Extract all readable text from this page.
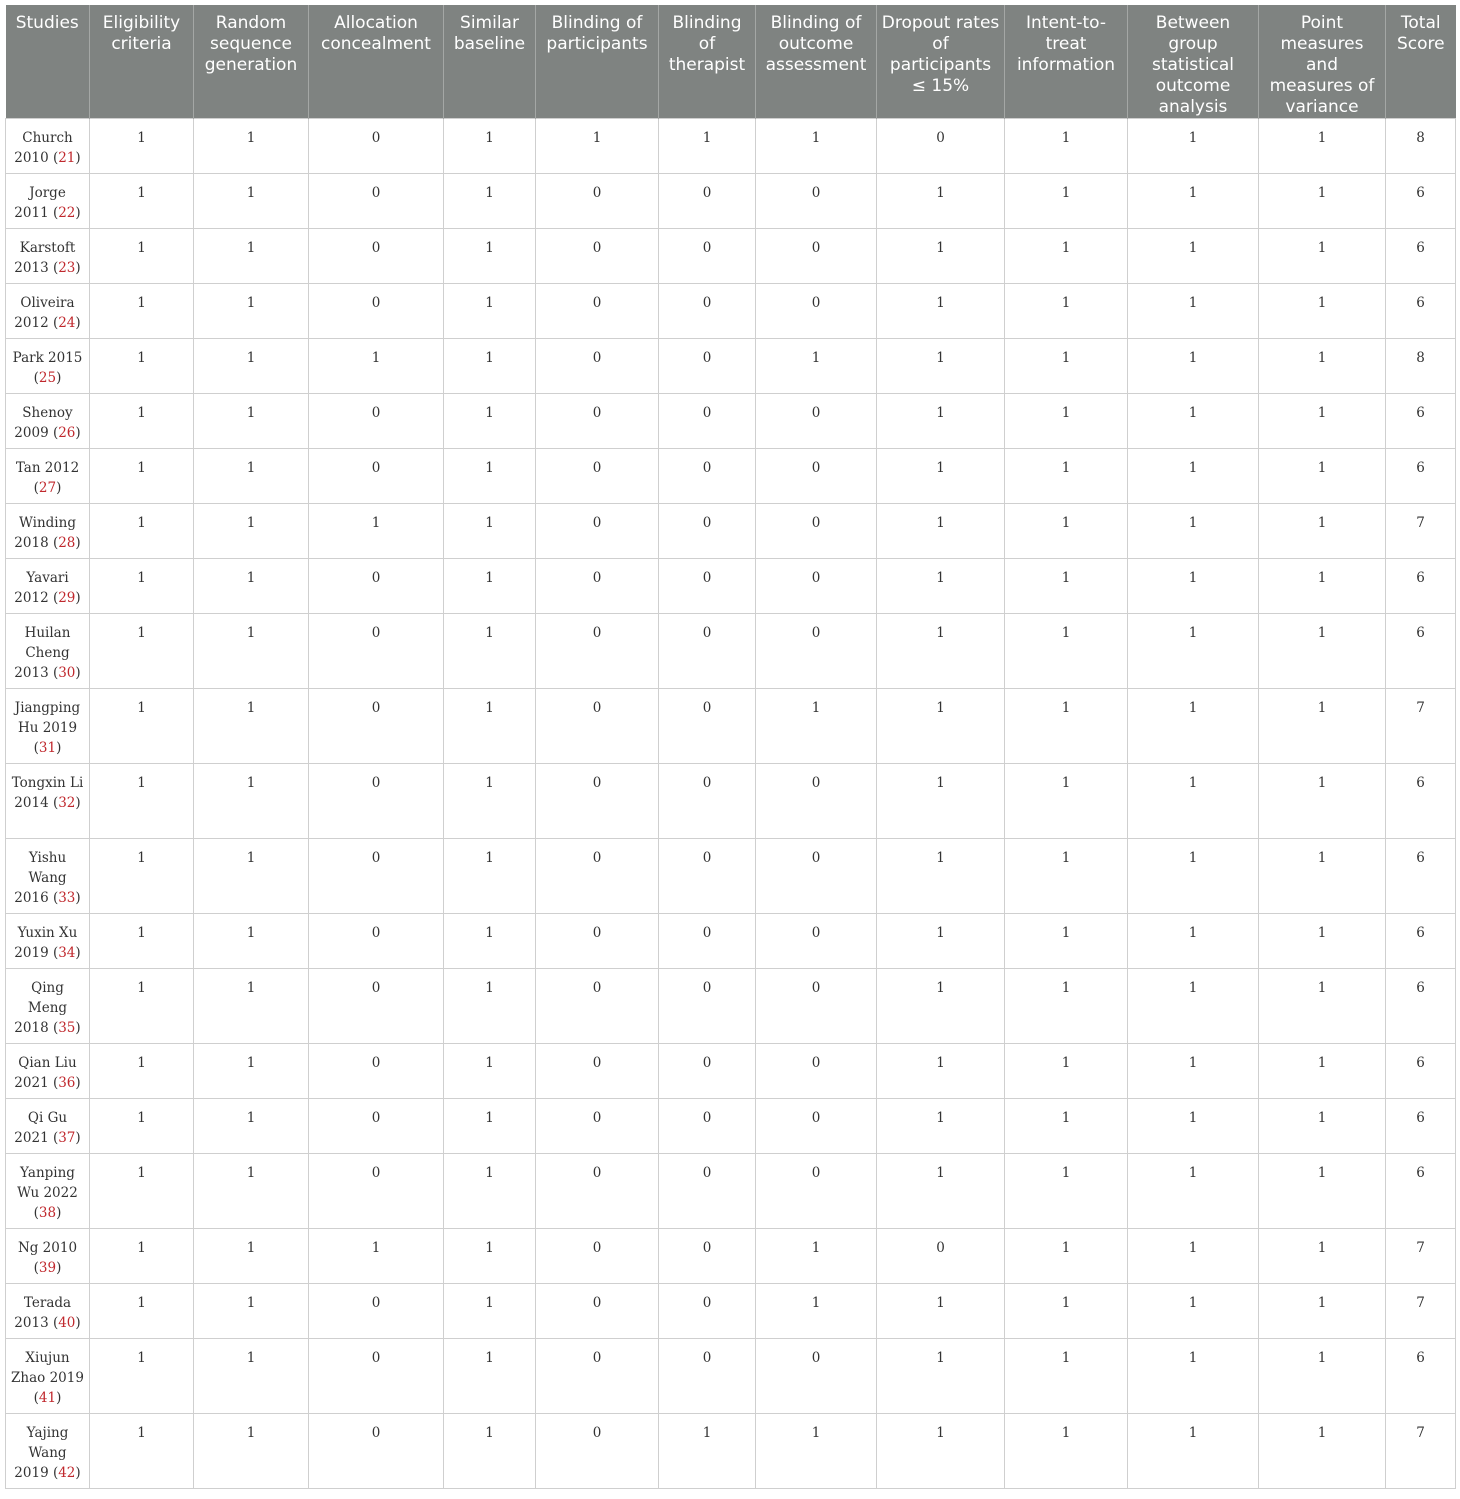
Studies	Eligibility criteria	Random sequence generation	Allocation concealment	Similar baseline	Blinding of participants	Blinding of therapist	Blinding of outcome assessment	Dropout rates of participants ≤ 15%	Intent-to-treat information	Between group statistical outcome analysis	Point measures and measures of variance	Total Score
Church 2010 (21)	1	1	0	1	1	1	1	0	1	1	1	8
Jorge 2011 (22)	1	1	0	1	0	0	0	1	1	1	1	6
Karstoft 2013 (23)	1	1	0	1	0	0	0	1	1	1	1	6
Oliveira 2012 (24)	1	1	0	1	0	0	0	1	1	1	1	6
Park 2015 (25)	1	1	1	1	0	0	1	1	1	1	1	8
Shenoy 2009 (26)	1	1	0	1	0	0	0	1	1	1	1	6
Tan 2012 (27)	1	1	0	1	0	0	0	1	1	1	1	6
Winding 2018 (28)	1	1	1	1	0	0	0	1	1	1	1	7
Yavari 2012 (29)	1	1	0	1	0	0	0	1	1	1	1	6
Huilan Cheng 2013 (30)	1	1	0	1	0	0	0	1	1	1	1	6
Jiangping Hu 2019 (31)	1	1	0	1	0	0	1	1	1	1	1	7
Tongxin Li 2014 (32)	1	1	0	1	0	0	0	1	1	1	1	6
Yishu Wang 2016 (33)	1	1	0	1	0	0	0	1	1	1	1	6
Yuxin Xu 2019 (34)	1	1	0	1	0	0	0	1	1	1	1	6
Qing Meng 2018 (35)	1	1	0	1	0	0	0	1	1	1	1	6
Qian Liu 2021 (36)	1	1	0	1	0	0	0	1	1	1	1	6
Qi Gu 2021 (37)	1	1	0	1	0	0	0	1	1	1	1	6
Yanping Wu 2022 (38)	1	1	0	1	0	0	0	1	1	1	1	6
Ng 2010 (39)	1	1	1	1	0	0	1	0	1	1	1	7
Terada 2013 (40)	1	1	0	1	0	0	1	1	1	1	1	7
Xiujun Zhao 2019 (41)	1	1	0	1	0	0	0	1	1	1	1	6
Yajing Wang 2019 (42)	1	1	0	1	0	1	1	1	1	1	1	7
